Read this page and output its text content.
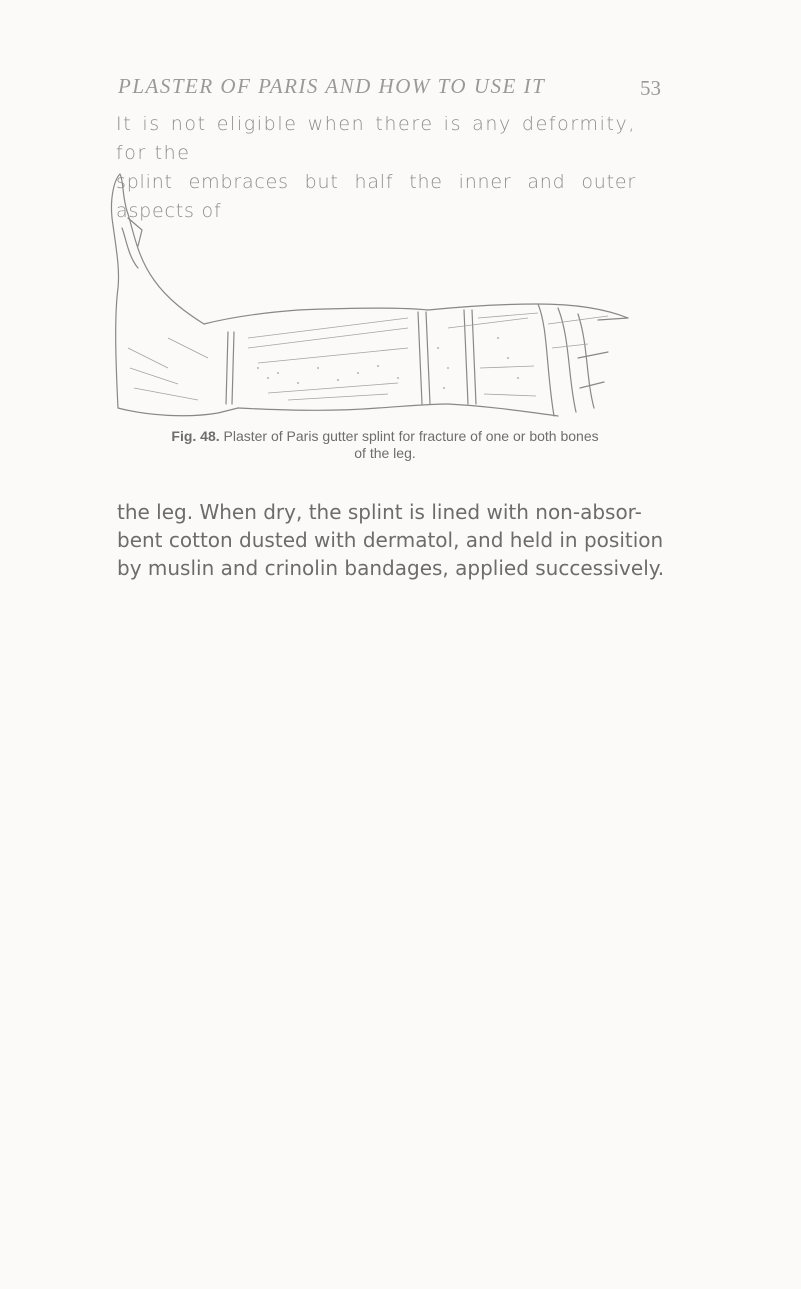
PLASTER OF PARIS AND HOW TO USE IT	53
It is not eligible when there is any deformity, for the
splint embraces but half the inner and outer aspects of
Fig. 48. Plaster of Paris gutter splint for fracture of one or both bones
of the leg.
the leg. When dry, the splint is lined with non-absor-
bent cotton dusted with dermatol, and held in position
by muslin and crinolin bandages, applied successively.
